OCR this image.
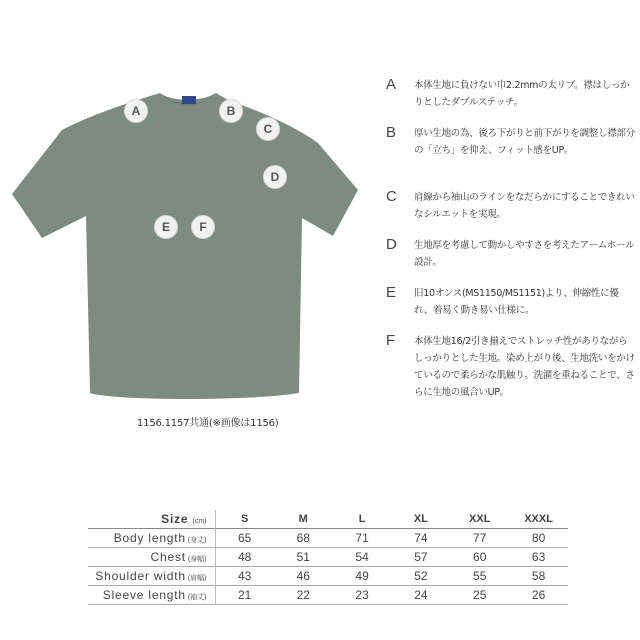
A	B
C
D
E	F
1156.1157共通(※画像は1156)
A 本体生地に負けない巾2.2mmの太リブ。襟はしっかりとしたダブルステッチ。
B 厚い生地の為、後ろ下がりと前下がりを調整し襟部分の「立ち」を抑え、フィット感をUP。
C 肩線から袖山のラインをなだらかにすることできれいなシルエットを実現。
D 生地厚を考慮して動かしやすさを考えたアームホール設計。
E 旧10オンス(MS1150/MS1151)より、伸縮性に優れ、着易く動き易い仕様に。
F 本体生地16/2引き揃えでストレッチ性がありながらしっかりとした生地。染め上がり後、生地洗いをかけているので柔らかな肌触り。洗濯を重ねることで、さらに生地の風合いUP。
Size (cm)	S	M	L	XL	XXL	XXXL
Body length (身丈)	65	68	71	74	77	80
Chest (身幅)	48	51	54	57	60	63
Shoulder width (肩幅)	43	46	49	52	55	58
Sleeve length (袖丈)	21	22	23	24	25	26
